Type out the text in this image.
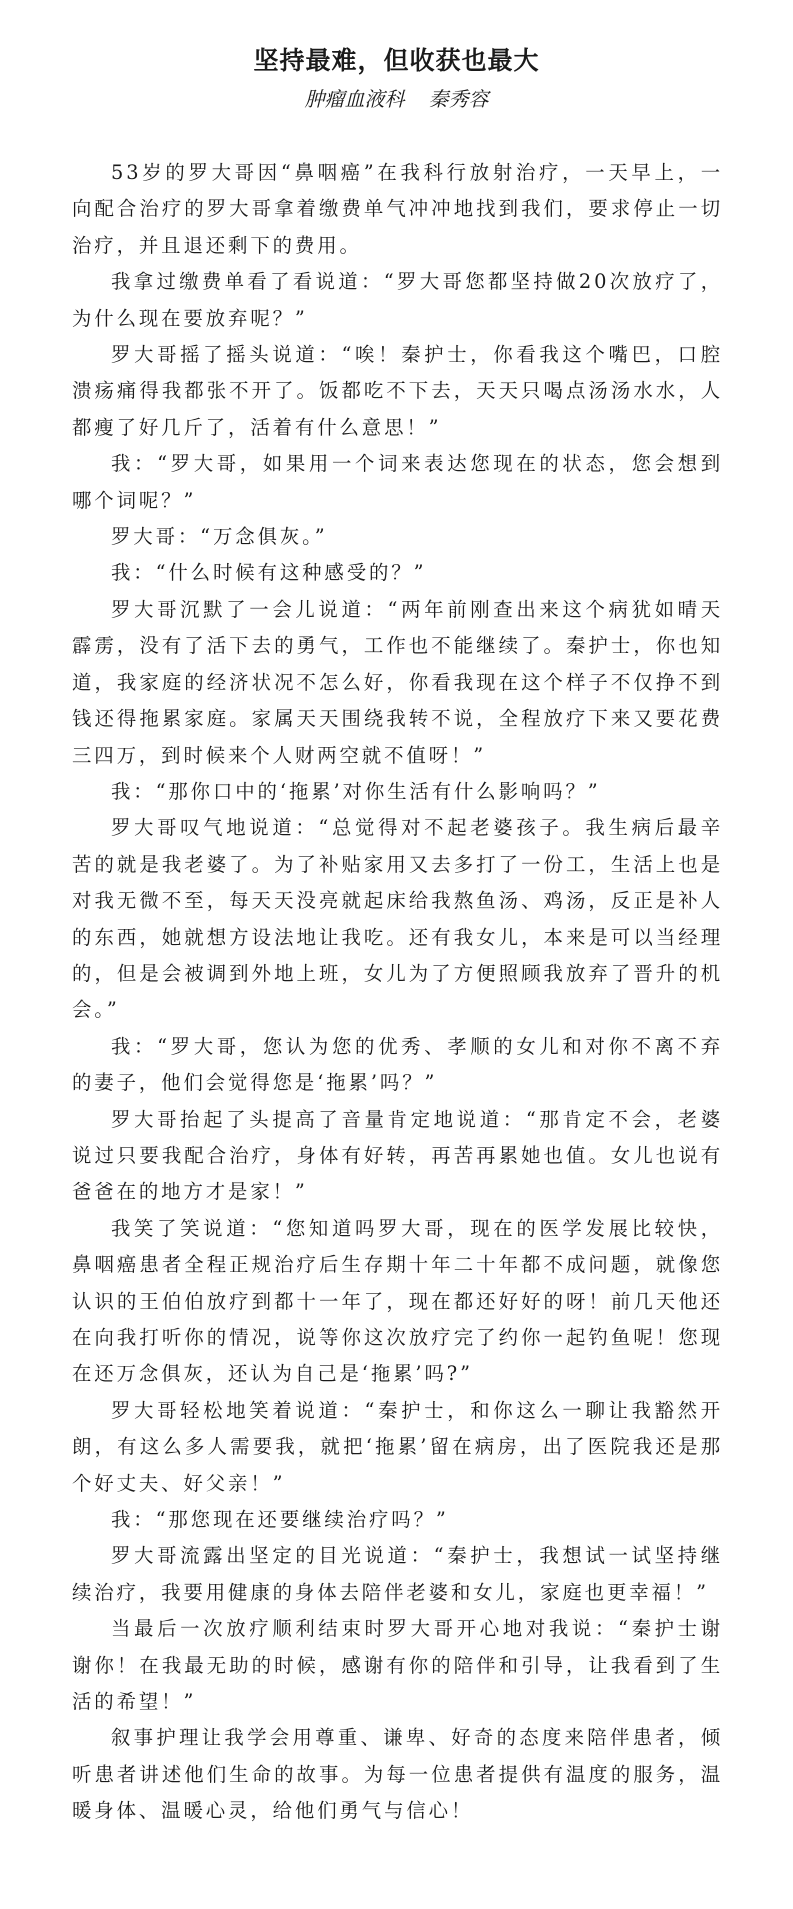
坚持最难，但收获也最大
肿瘤血液科 秦秀容

53岁的罗大哥因“鼻咽癌”在我科行放射治疗，一天早上，一向配合治疗的罗大哥拿着缴费单气冲冲地找到我们，要求停止一切治疗，并且退还剩下的费用。

我拿过缴费单看了看说道：“罗大哥您都坚持做20次放疗了，为什么现在要放弃呢？”

罗大哥摇了摇头说道：“唉！秦护士，你看我这个嘴巴，口腔溃疡痛得我都张不开了。饭都吃不下去，天天只喝点汤汤水水，人都瘦了好几斤了，活着有什么意思！”

我：“罗大哥，如果用一个词来表达您现在的状态，您会想到哪个词呢？”

罗大哥：“万念俱灰。”

我：“什么时候有这种感受的？”

罗大哥沉默了一会儿说道：“两年前刚查出来这个病犹如晴天霹雳，没有了活下去的勇气，工作也不能继续了。秦护士，你也知道，我家庭的经济状况不怎么好，你看我现在这个样子不仅挣不到钱还得拖累家庭。家属天天围绕我转不说，全程放疗下来又要花费三四万，到时候来个人财两空就不值呀！”

我：“那你口中的‘拖累’对你生活有什么影响吗？”

罗大哥叹气地说道：“总觉得对不起老婆孩子。我生病后最辛苦的就是我老婆了。为了补贴家用又去多打了一份工，生活上也是对我无微不至，每天天没亮就起床给我熬鱼汤、鸡汤，反正是补人的东西，她就想方设法地让我吃。还有我女儿，本来是可以当经理的，但是会被调到外地上班，女儿为了方便照顾我放弃了晋升的机会。”

我：“罗大哥，您认为您的优秀、孝顺的女儿和对你不离不弃的妻子，他们会觉得您是‘拖累’吗？”

罗大哥抬起了头提高了音量肯定地说道：“那肯定不会，老婆说过只要我配合治疗，身体有好转，再苦再累她也值。女儿也说有爸爸在的地方才是家！”

我笑了笑说道：“您知道吗罗大哥，现在的医学发展比较快，鼻咽癌患者全程正规治疗后生存期十年二十年都不成问题，就像您认识的王伯伯放疗到都十一年了，现在都还好好的呀！前几天他还在向我打听你的情况，说等你这次放疗完了约你一起钓鱼呢！您现在还万念俱灰，还认为自己是‘拖累’吗?”

罗大哥轻松地笑着说道：“秦护士，和你这么一聊让我豁然开朗，有这么多人需要我，就把‘拖累’留在病房，出了医院我还是那个好丈夫、好父亲！”

我：“那您现在还要继续治疗吗？”

罗大哥流露出坚定的目光说道：“秦护士，我想试一试坚持继续治疗，我要用健康的身体去陪伴老婆和女儿，家庭也更幸福！”

当最后一次放疗顺利结束时罗大哥开心地对我说：“秦护士谢谢你！在我最无助的时候，感谢有你的陪伴和引导，让我看到了生活的希望！”

叙事护理让我学会用尊重、谦卑、好奇的态度来陪伴患者，倾听患者讲述他们生命的故事。为每一位患者提供有温度的服务，温暖身体、温暖心灵，给他们勇气与信心！
